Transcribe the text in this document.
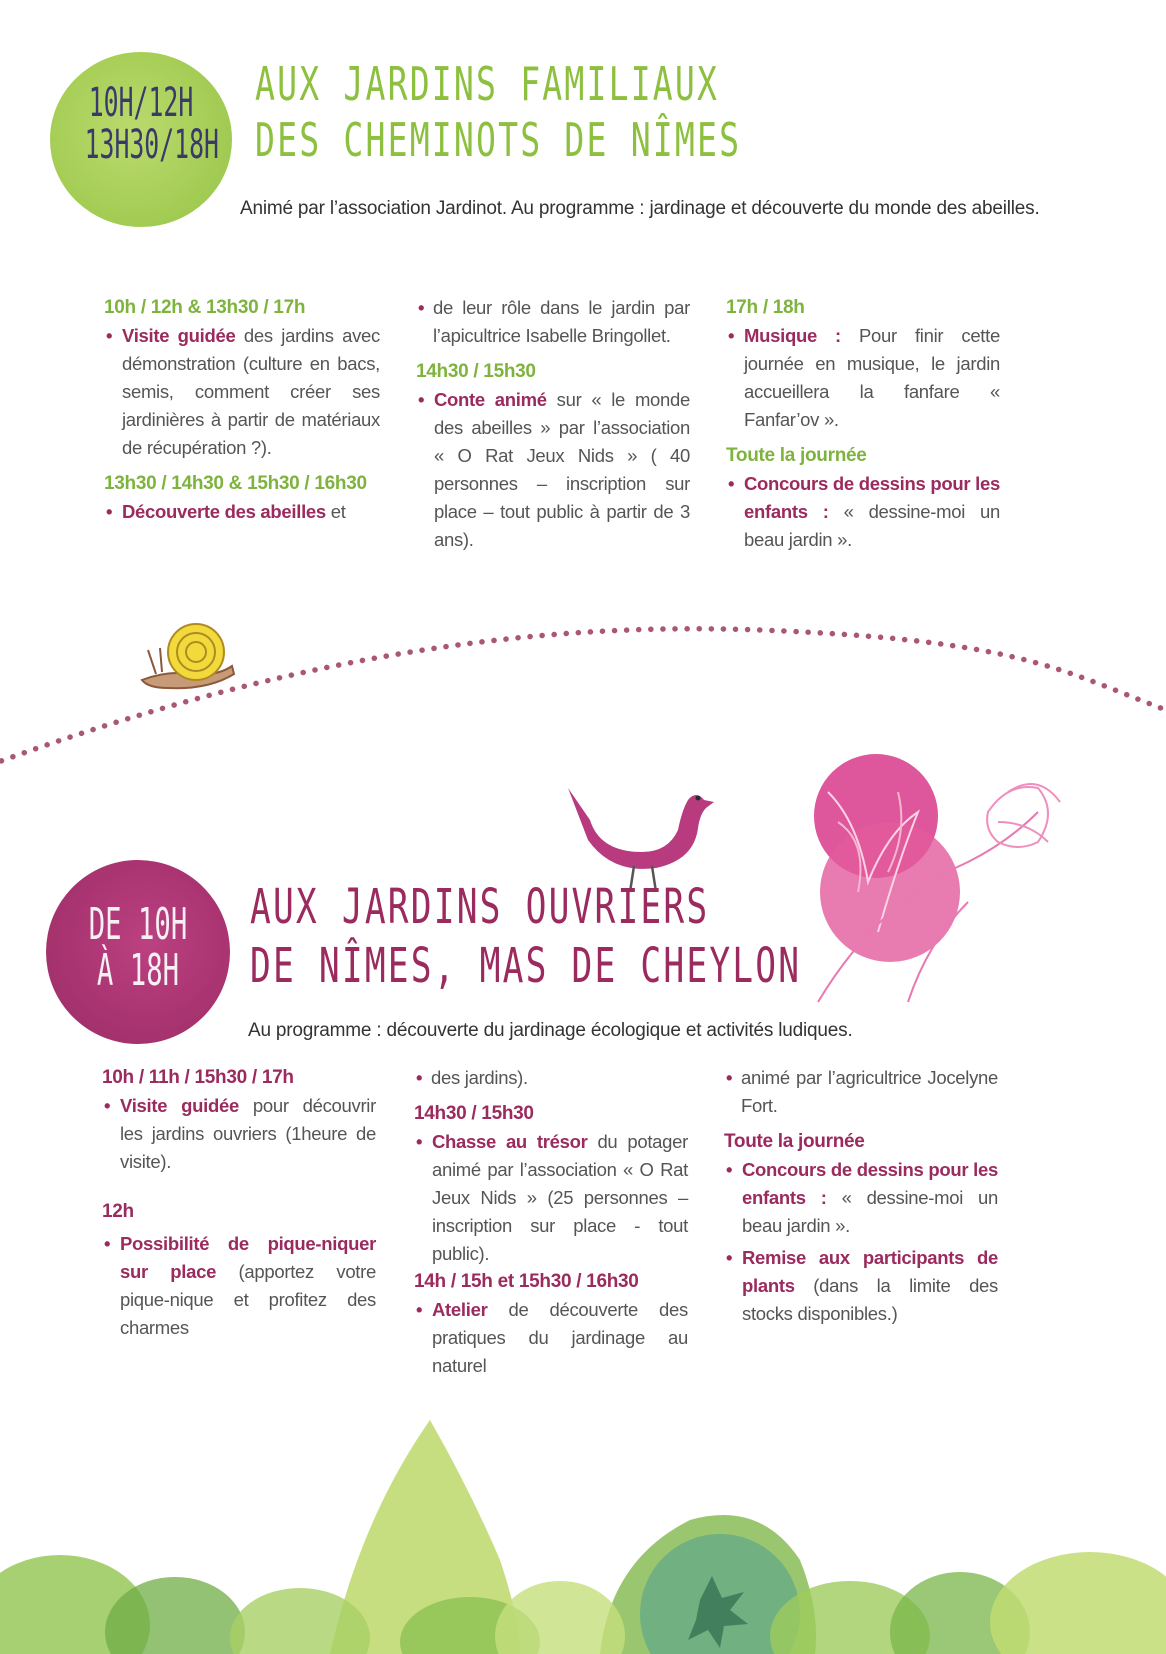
10H/12H
13H30/18H
AUX JARDINS FAMILIAUX
DES CHEMINOTS DE NÎMES
Animé par l’association Jardinot. Au programme : jardinage et découverte du monde des abeilles.
10h / 12h & 13h30 / 17h
• Visite guidée des jardins avec démonstration (culture en bacs, semis, comment créer ses jardinières à partir de matériaux de récupération ?).
13h30 / 14h30 & 15h30 / 16h30
• Découverte des abeilles et
• de leur rôle dans le jardin par l’apicultrice Isabelle Bringollet.
14h30 / 15h30
• Conte animé sur « le monde des abeilles » par l’association « O Rat Jeux Nids » ( 40 personnes – inscription sur place – tout public à partir de 3 ans).
17h / 18h
• Musique : Pour finir cette journée en musique, le jardin accueillera la fanfare « Fanfar’ov ».
Toute la journée
• Concours de dessins pour les enfants : « dessine-moi un beau jardin ».
DE 10H
À 18H
AUX JARDINS OUVRIERS
DE NÎMES, MAS DE CHEYLON
Au programme : découverte du jardinage écologique et activités ludiques.
10h / 11h / 15h30 / 17h
• Visite guidée pour découvrir les jardins ouvriers (1heure de visite).
12h
• Possibilité de pique-niquer sur place (apportez votre pique-nique et profitez des charmes
• des jardins).
14h30 / 15h30
• Chasse au trésor du potager animé par l’association « O Rat Jeux Nids » (25 personnes – inscription sur place - tout public).
14h / 15h et 15h30 / 16h30
• Atelier de découverte des pratiques du jardinage au naturel
• animé par l’agricultrice Jocelyne Fort.
Toute la journée
• Concours de dessins pour les enfants : « dessine-moi un beau jardin ».
• Remise aux participants de plants (dans la limite des stocks disponibles.)
